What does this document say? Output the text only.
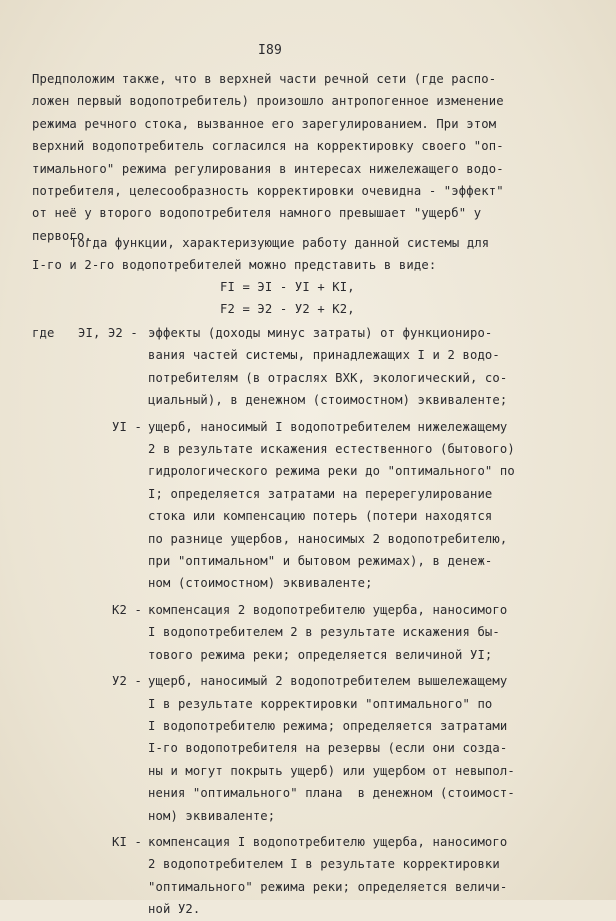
I89
Предположим также, что в верхней части речной сети (где распо-
ложен первый водопотребитель) произошло антропогенное изменение
режима речного стока, вызванное его зарегулированием. При этом
верхний водопотребитель согласился на корректировку своего "оп-
тимального" режима регулирования в интересах нижележащего водо-
потребителя, целесообразность корректировки очевидна - "эффект"
от неё у второго водопотребителя намного превышает "ущерб" у
первого.
Тогда функции, характеризующие работу данной системы для
I-го и 2-го водопотребителей можно представить в виде:
FI = ЭI - УI + KI,
F2 = Э2 - У2 + K2,
где ЭI, Э2 - эффекты (доходы минус затраты) от функциониро-
вания частей системы, принадлежащих I и 2 водо-
потребителям (в отраслях ВХК, экологический, со-
циальный), в денежном (стоимостном) эквиваленте;
УI - ущерб, наносимый I водопотребителем нижележащему
2 в результате искажения естественного (бытового)
гидрологического режима реки до "оптимального" по
I; определяется затратами на перерегулирование
стока или компенсацию потерь (потери находятся
по разнице ущербов, наносимых 2 водопотребителю,
при "оптимальном" и бытовом режимах), в денеж-
ном (стоимостном) эквиваленте;
K2 - компенсация 2 водопотребителю ущерба, наносимого
I водопотребителем 2 в результате искажения бы-
тового режима реки; определяется величиной УI;
У2 - ущерб, наносимый 2 водопотребителем вышележащему
I в результате корректировки "оптимального" по
I водопотребителю режима; определяется затратами
I-го водопотребителя на резервы (если они созда-
ны и могут покрыть ущерб) или ущербом от невыпол-
нения "оптимального" плана  в денежном (стоимост-
ном) эквиваленте;
KI - компенсация I водопотребителю ущерба, наносимого
2 водопотребителем I в результате корректировки
"оптимального" режима реки; определяется величи-
ной У2.
